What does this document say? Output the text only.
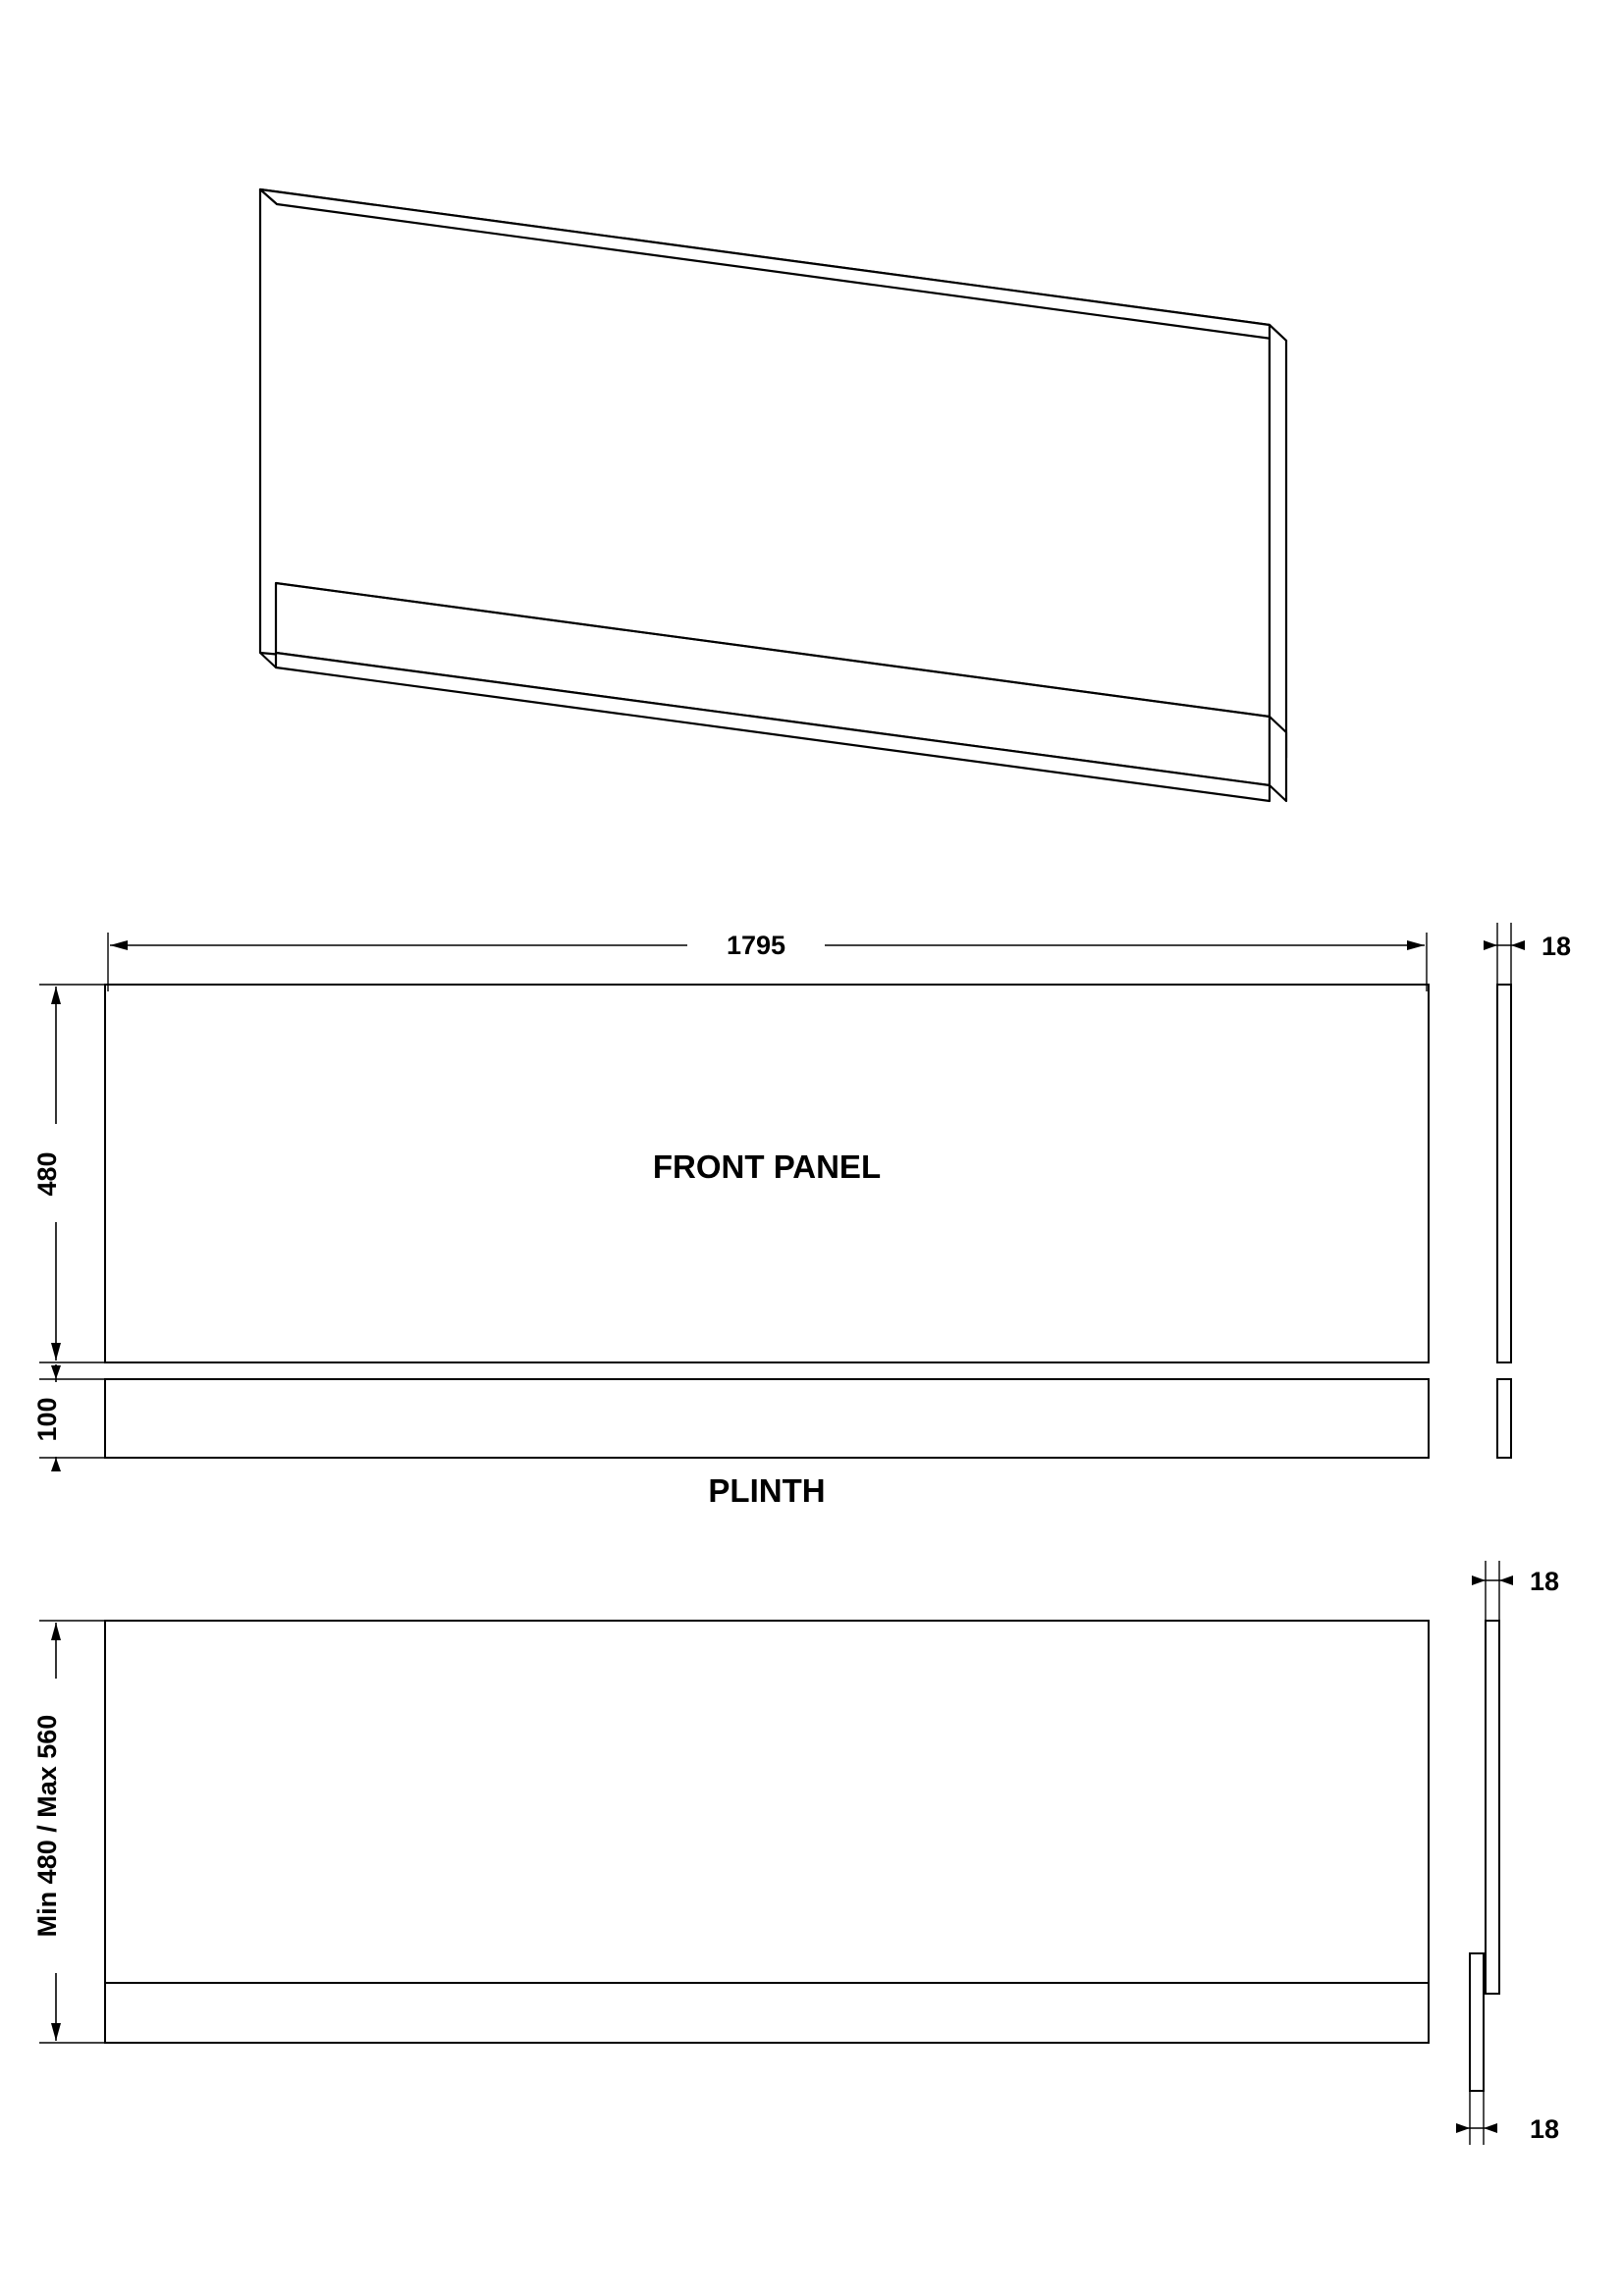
1795
480
100
FRONT PANEL
PLINTH
18
Min 480 / Max 560
18
18
